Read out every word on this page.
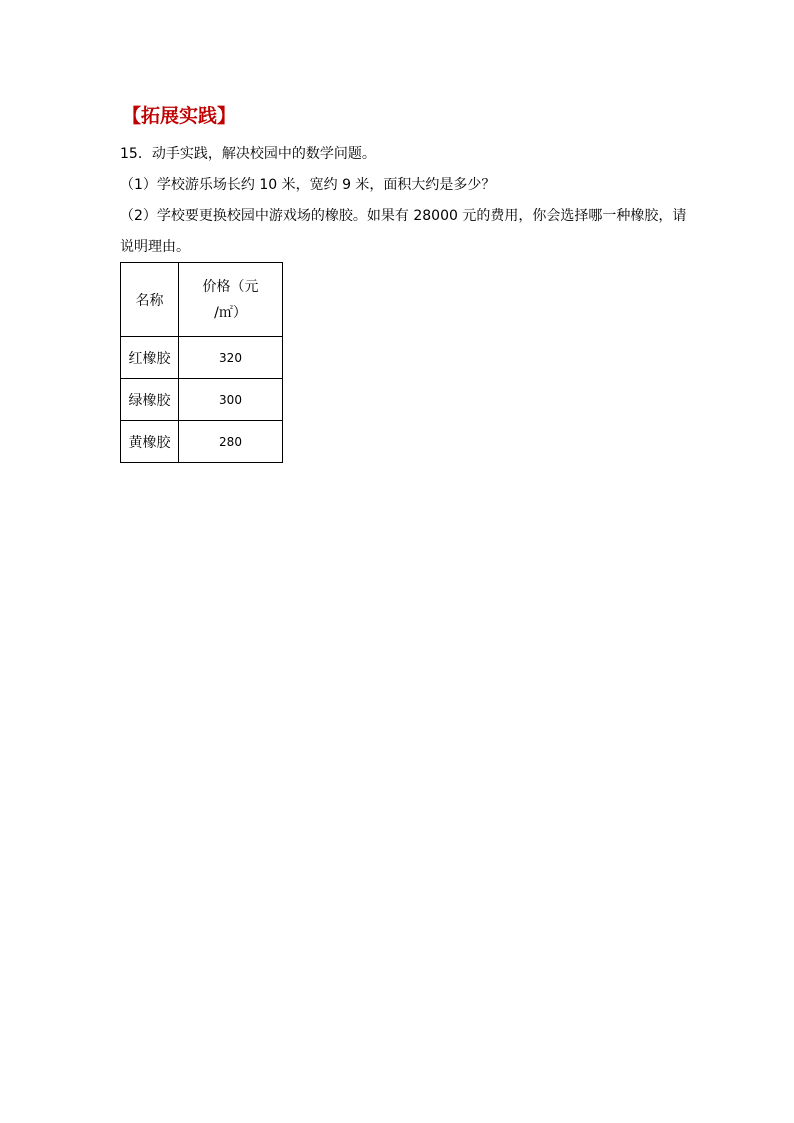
【拓展实践】
15．动手实践，解决校园中的数学问题。
（1）学校游乐场长约 10 米，宽约 9 米，面积大约是多少？
（2）学校要更换校园中游戏场的橡胶。如果有 28000 元的费用，你会选择哪一种橡胶，请
说明理由。
名称	价格（元
/㎡）

红橡胶	320
绿橡胶	300
黄橡胶	280
